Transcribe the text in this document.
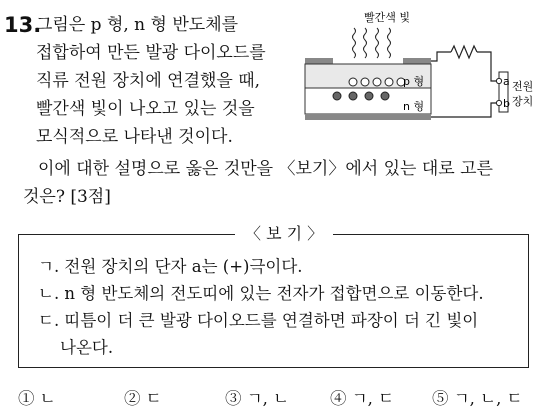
13.
그림은 p 형, n 형 반도체를
접합하여 만든 발광 다이오드를
직류 전원 장치에 연결했을 때,
빨간색 빛이 나오고 있는 것을
모식적으로 나타낸 것이다.
이에 대한 설명으로 옳은 것만을 〈보기〉에서 있는 대로 고른
것은? [3점]
빨간색 빛
p 형
n 형
a
b
전원
장치
〈 보 기 〉
ㄱ. 전원 장치의 단자 a는 (+)극이다.
ㄴ. n 형 반도체의 전도띠에 있는 전자가 접합면으로 이동한다.
ㄷ. 띠틈이 더 큰 발광 다이오드를 연결하면 파장이 더 긴 빛이
나온다.
① ㄴ	② ㄷ	③ ㄱ, ㄴ ④ ㄱ, ㄷ ⑤ ㄱ, ㄴ, ㄷ
